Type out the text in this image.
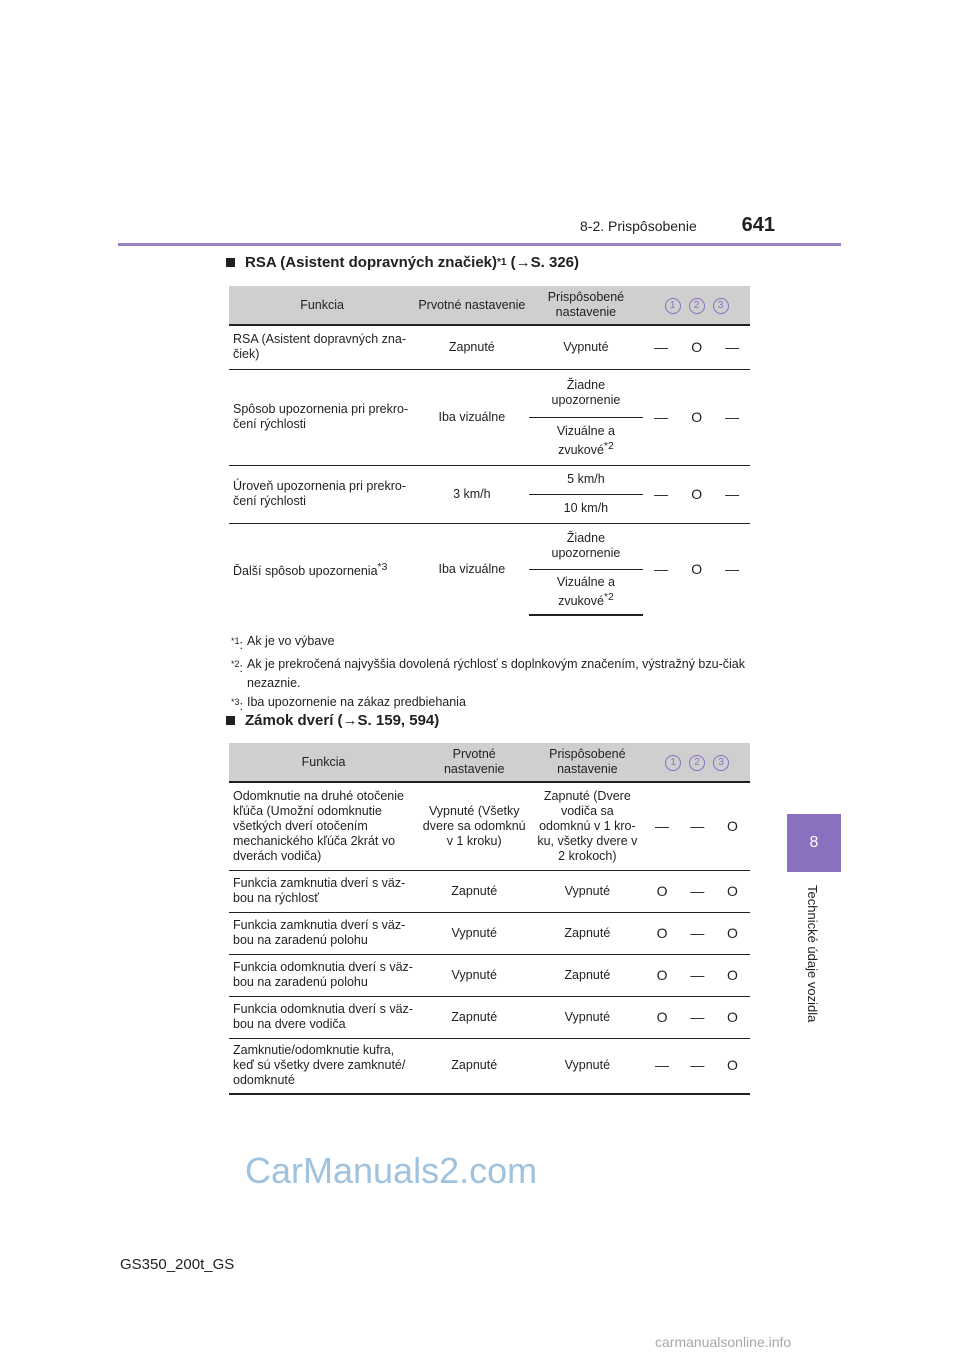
8-2. Prispôsobenie 641
8
Technické údaje vozidla
RSA (Asistent dopravných značiek) *1
(→S. 326)
Funkcia	Prvotné nastavenie	Prispôsobené nastavenie	1 2 3		
RSA (Asistent dopravných zna-čiek)	Zapnuté	Vypnuté	—	O	—
Spôsob upozornenia pri prekro-čení rýchlosti	Iba vizuálne	Žiadne upozornenie	—	O	—
		Vizuálne a zvukové$^{*2}$
Úroveň upozornenia pri prekro-čení rýchlosti	3 km/h	5 km/h	—	O	—
		10 km/h			
Ďalší spôsob upozornenia$^{*3}$	Iba vizuálne	Žiadne upozornenie	—	O	—
		Vizuálne a zvukové$^{*2}$
$^{*1}$: Ak je vo výbave
$^{*2}$: Ak je prekročená najvyššia dovolená rýchlosť s doplnkovým značením, výstražný bzu-čiak nezaznie.
$^{*3}$: Iba upozornenie na zákaz predbiehania
Zámok dverí
(→S. 159, 594)
Funkcia	Prvotné nastavenie	Prispôsobené nastavenie	1 2 3		
Odomknutie na druhé otočenie kľúča (Umožní odomknutie všetkých dverí otočením mechanického kľúča 2krát vo dverách vodiča)	Vypnuté (Všetky dvere sa odomknú v 1 kroku)	Zapnuté (Dvere vodiča sa odomknú v 1 kro-ku, všetky dvere v 2 krokoch)	—	—	O
Funkcia zamknutia dverí s väz-bou na rýchlosť	Zapnuté	Vypnuté	O	—	O
Funkcia zamknutia dverí s väz-bou na zaradenú polohu	Vypnuté	Zapnuté	O	—	O
Funkcia odomknutia dverí s väz-bou na zaradenú polohu	Vypnuté	Zapnuté	O	—	O
Funkcia odomknutia dverí s väz-bou na dvere vodiča	Zapnuté	Vypnuté	O	—	O
Zamknutie/odomknutie kufra, keď sú všetky dvere zamknuté/ odomknuté	Zapnuté	Vypnuté	—	—	O
CarManuals2.com
GS350_200t_GS
carmanualsonline.info
